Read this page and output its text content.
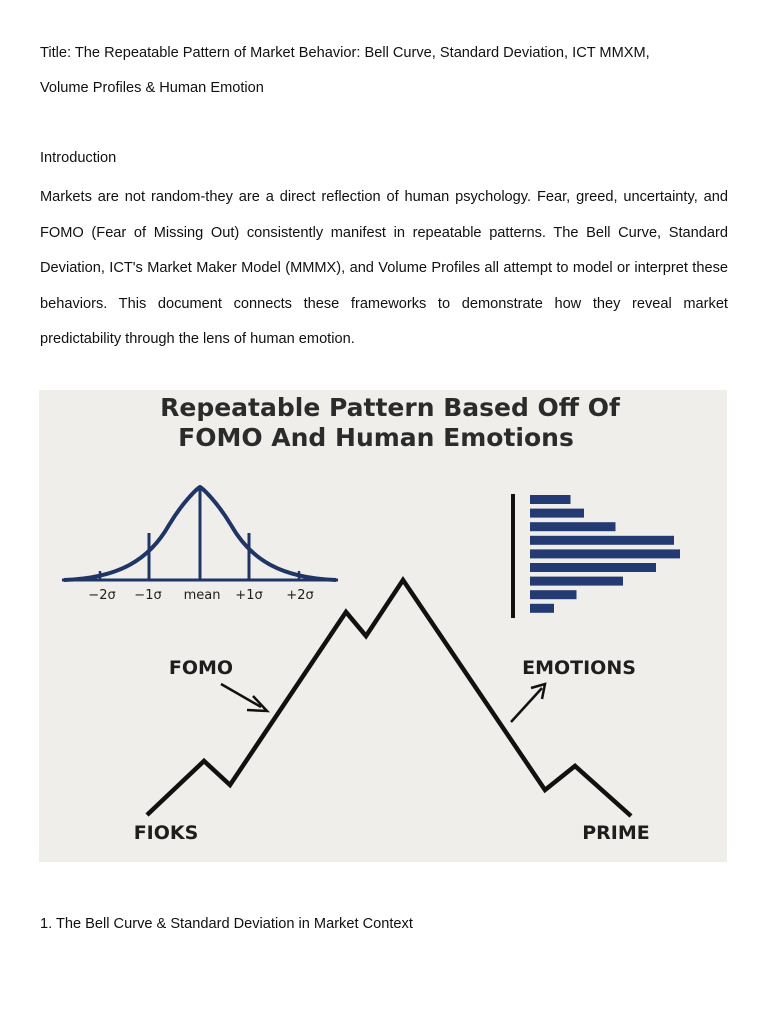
Title: The Repeatable Pattern of Market Behavior: Bell Curve, Standard Deviation, ICT MMXM,

Volume Profiles & Human Emotion

Introduction

Markets are not random-they are a direct reflection of human psychology. Fear, greed, uncertainty, and FOMO (Fear of Missing Out) consistently manifest in repeatable patterns. The Bell Curve, Standard Deviation, ICT's Market Maker Model (MMMX), and Volume Profiles all attempt to model or interpret these behaviors. This document connects these frameworks to demonstrate how they reveal market predictability through the lens of human emotion.

Repeatable Pattern Based Off Of
FOMO And Human Emotions
−2σ −1σ mean +1σ +2σ
FOMO	EMOTIONS
FIOKS	PRIME

1. The Bell Curve & Standard Deviation in Market Context
